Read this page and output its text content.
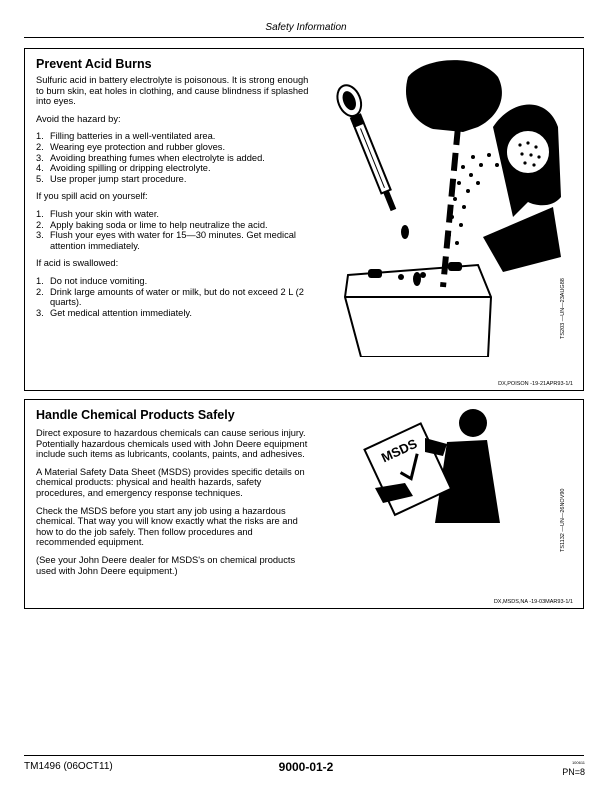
Safety Information
Prevent Acid Burns

Sulfuric acid in battery electrolyte is poisonous. It is strong enough to burn skin, eat holes in clothing, and cause blindness if splashed into eyes.

Avoid the hazard by:

1. Filling batteries in a well-ventilated area.
2. Wearing eye protection and rubber gloves.
3. Avoiding breathing fumes when electrolyte is added.
4. Avoiding spilling or dripping electrolyte.
5. Use proper jump start procedure.

If you spill acid on yourself:

1. Flush your skin with water.
2. Apply baking soda or lime to help neutralize the acid.
3. Flush your eyes with water for 15—30 minutes. Get medical attention immediately.

If acid is swallowed:

1. Do not induce vomiting.
2. Drink large amounts of water or milk, but do not exceed 2 L (2 quarts).
3. Get medical attention immediately.	TS203 —UN—23AUG88
DX,POISON -19-21APR93-1/1
Handle Chemical Products Safely

Direct exposure to hazardous chemicals can cause serious injury. Potentially hazardous chemicals used with John Deere equipment include such items as lubricants, coolants, paints, and adhesives.

A Material Safety Data Sheet (MSDS) provides specific details on chemical products: physical and health hazards, safety procedures, and emergency response techniques.

Check the MSDS before you start any job using a hazardous chemical. That way you will know exactly what the risks are and how to do the job safely. Then follow procedures and recommended equipment.

(See your John Deere dealer for MSDS's on chemical products used with John Deere equipment.)

MSDS
TS1132 —UN—26NOV90
DX,MSDS,NA -19-03MAR93-1/1
TM1496 (06OCT11)	9000-01-2	100611
PN=8
